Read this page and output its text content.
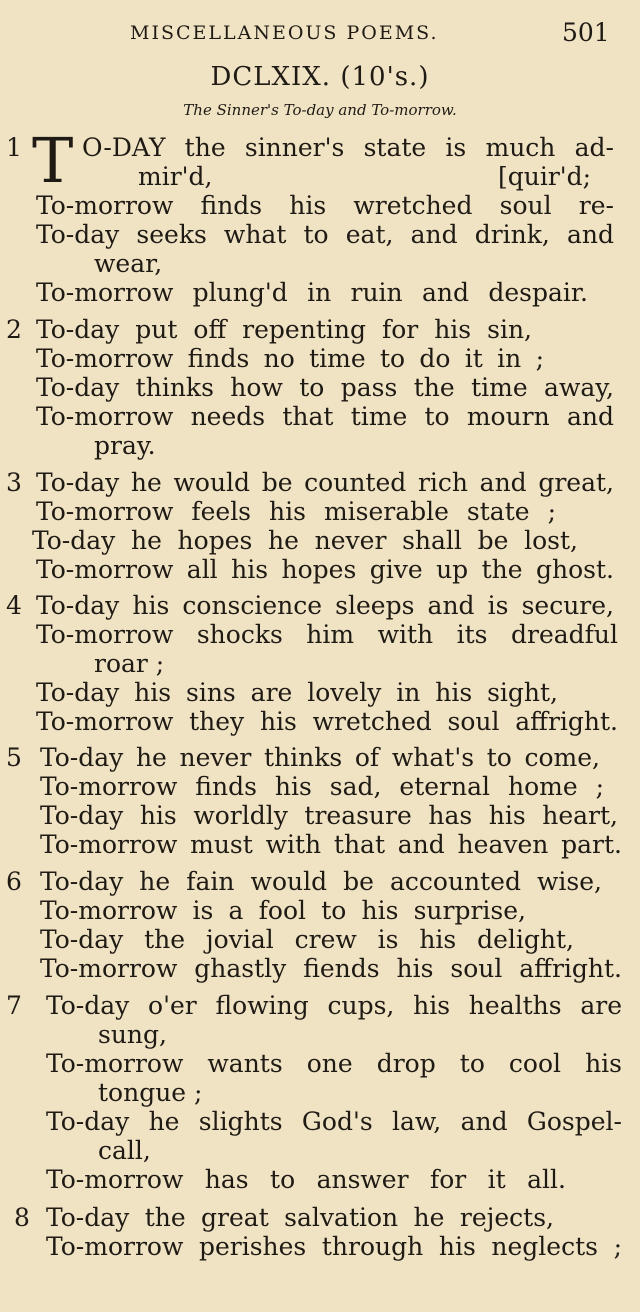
MISCELLANEOUS POEMS.	501
DCLXIX. (10's.)
The Sinner's To-day and To-morrow.
1 T O-DAY the sinner's state is much ad-
mir'd,	[quir'd;
To-morrow finds his wretched soul re-
To-day seeks what to eat, and drink, and
wear,
To-morrow plung'd in ruin and despair.
2 To-day put off repenting for his sin,
To-morrow finds no time to do it in ;
To-day thinks how to pass the time away,
To-morrow needs that time to mourn and
pray.
3 To-day he would be counted rich and great,
To-morrow feels his miserable state ;
To-day he hopes he never shall be lost,
To-morrow all his hopes give up the ghost.
4 To-day his conscience sleeps and is secure,
To-morrow shocks him with its dreadful
roar ;
To-day his sins are lovely in his sight,
To-morrow they his wretched soul affright.
5 To-day he never thinks of what's to come,
To-morrow finds his sad, eternal home ;
To-day his worldly treasure has his heart,
To-morrow must with that and heaven part.
6 To-day he fain would be accounted wise,
To-morrow is a fool to his surprise,
To-day the jovial crew is his delight,
To-morrow ghastly fiends his soul affright.
7 To-day o'er flowing cups, his healths are
sung,
To-morrow wants one drop to cool his
tongue ;
To-day he slights God's law, and Gospel-
call,
To-morrow has to answer for it all.
8 To-day the great salvation he rejects,
To-morrow perishes through his neglects ;
